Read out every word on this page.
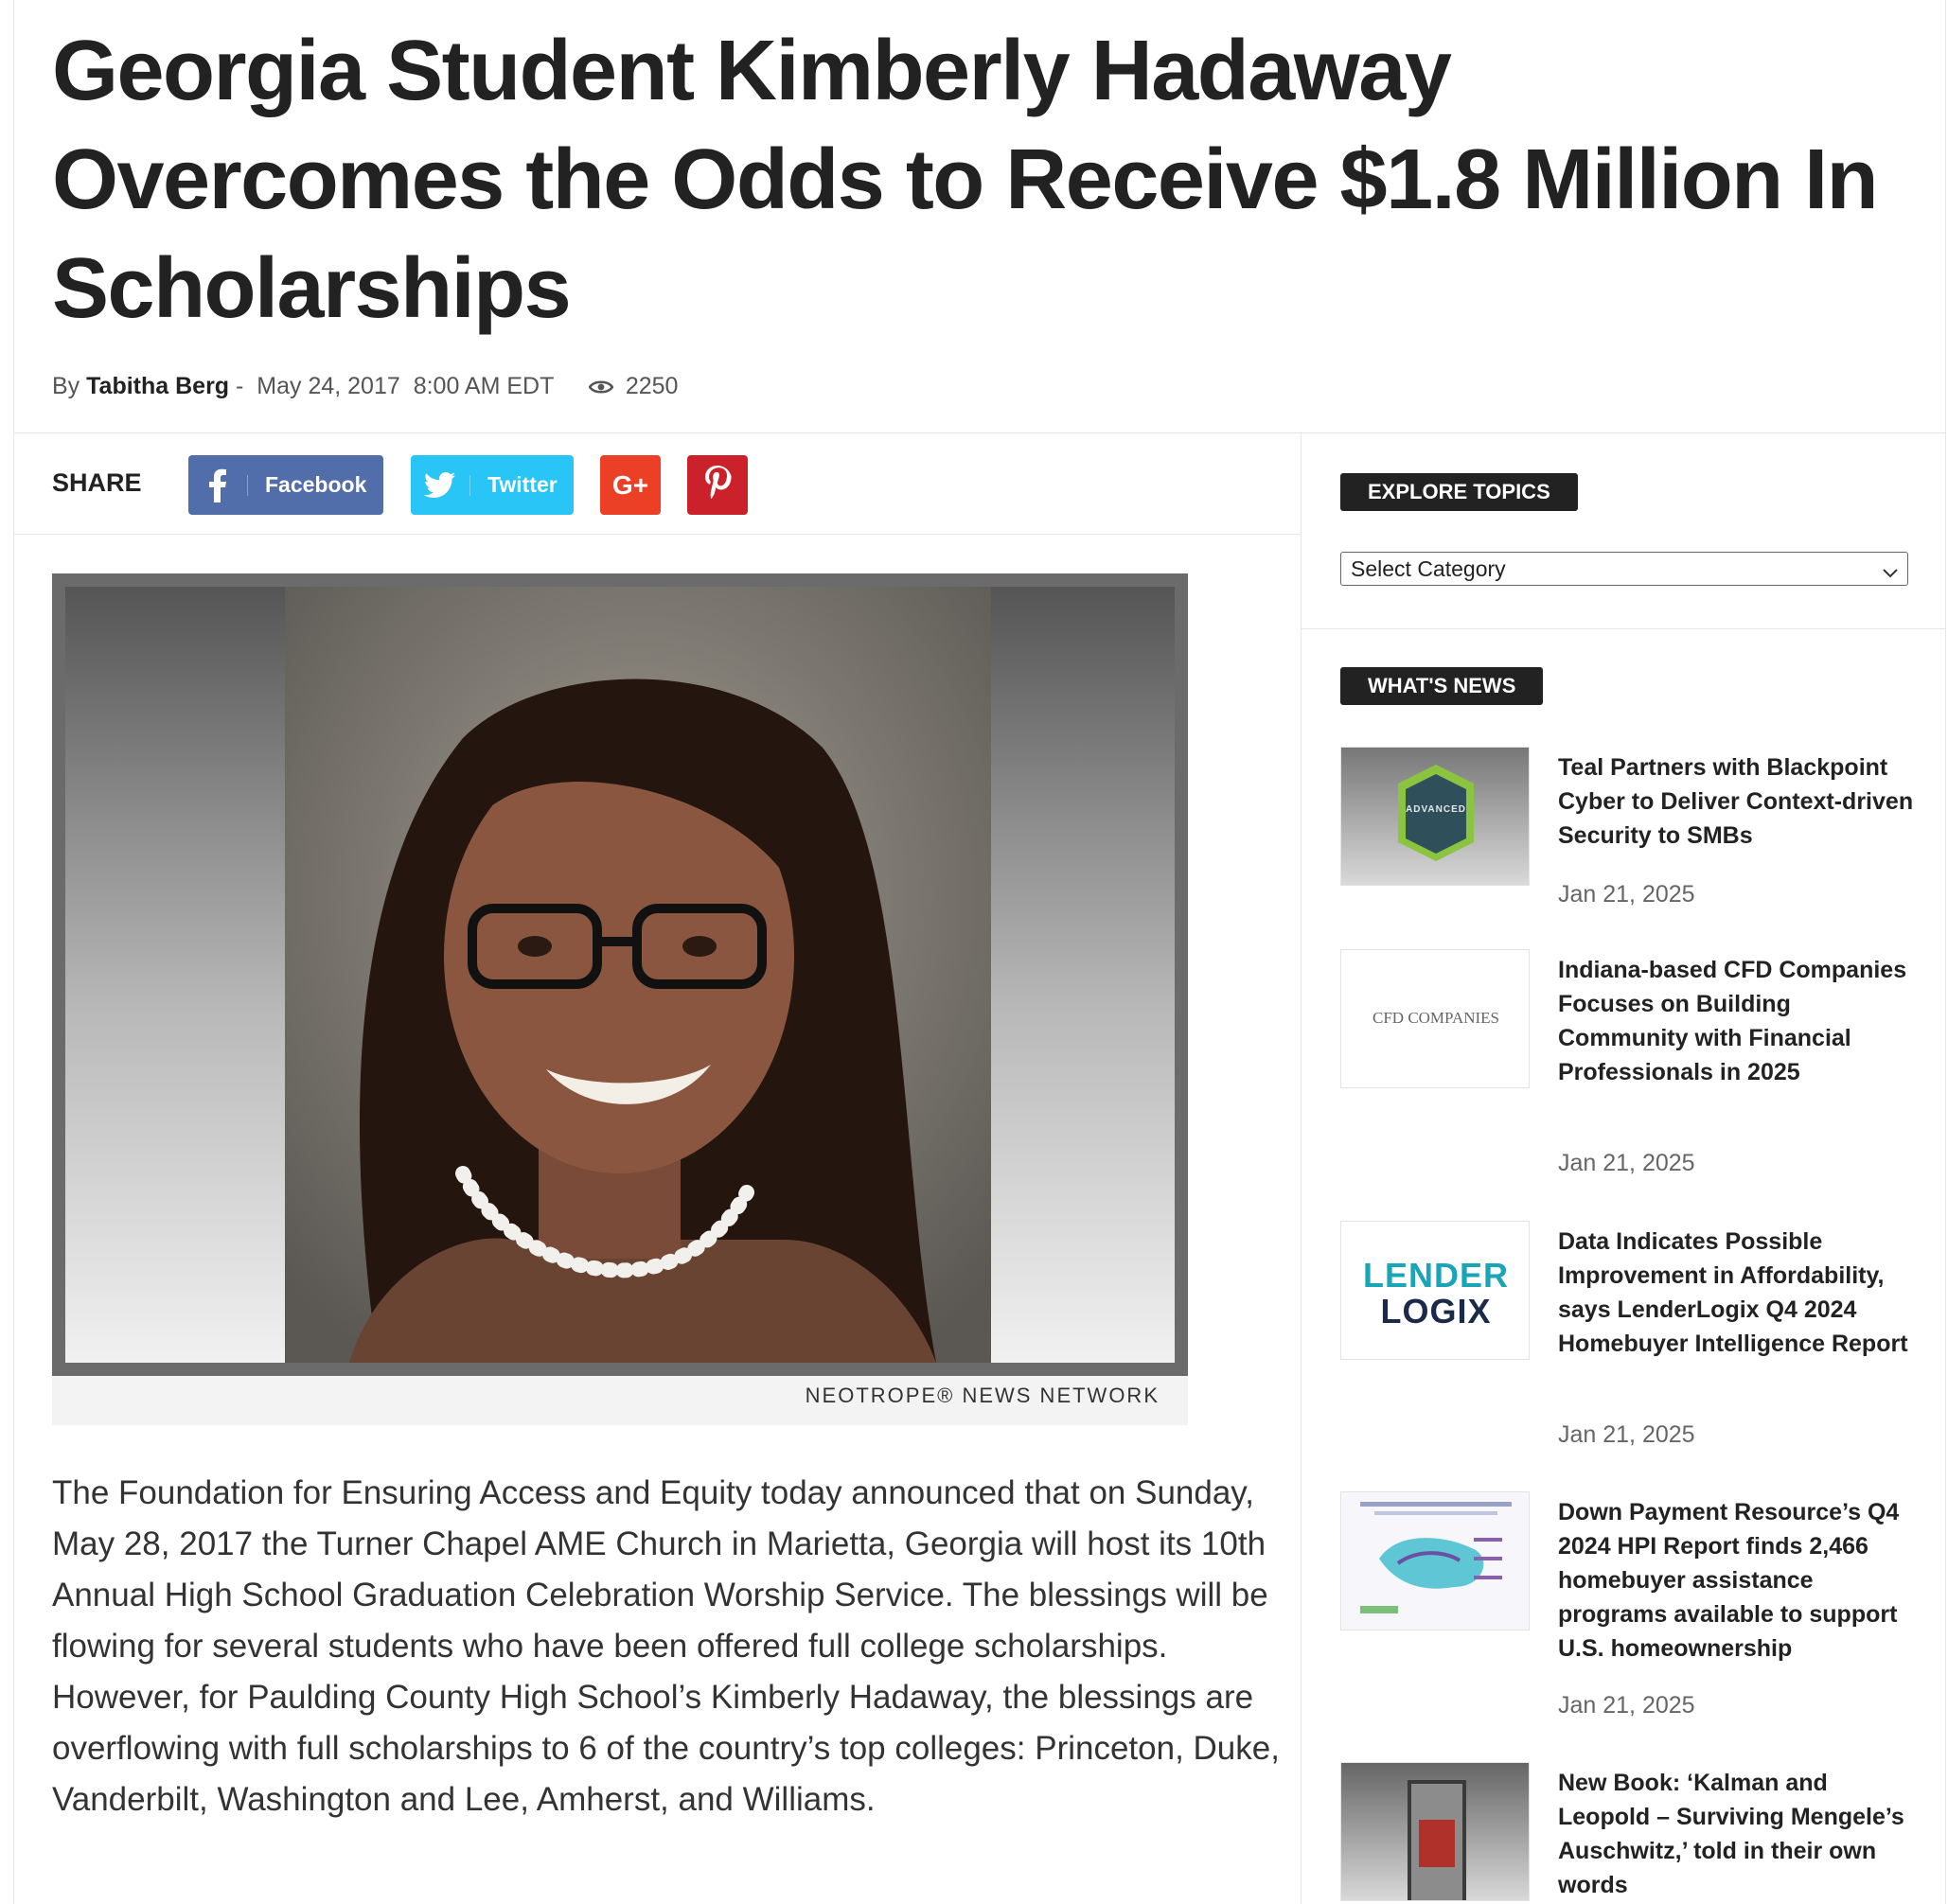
Georgia Student Kimberly Hadaway Overcomes the Odds to Receive $1.8 Million In Scholarships
By Tabitha Berg - May 24, 2017 8:00 AM EDT	2250
SHARE	Facebook	Twitter G+
NEOTROPE® NEWS NETWORK

The Foundation for Ensuring Access and Equity today announced that on Sunday, May 28, 2017 the Turner Chapel AME Church in Marietta, Georgia will host its 10th Annual High School Graduation Celebration Worship Service. The blessings will be flowing for several students who have been offered full college scholarships. However, for Paulding County High School’s Kimberly Hadaway, the blessings are overflowing with full scholarships to 6 of the country’s top colleges: Princeton, Duke, Vanderbilt, Washington and Lee, Amherst, and Williams.

EXPLORE TOPICS
Select Category
WHAT'S NEWS
ADVANCED
Teal Partners with Blackpoint Cyber to Deliver Context-driven Security to SMBs
Jan 21, 2025
CFD COMPANIES
Indiana-based CFD Companies Focuses on Building Community with Financial Professionals in 2025
Jan 21, 2025
LENDER
LOGIX
Data Indicates Possible Improvement in Affordability, says LenderLogix Q4 2024 Homebuyer Intelligence Report
Jan 21, 2025
Down Payment Resource’s Q4 2024 HPI Report finds 2,466 homebuyer assistance programs available to support U.S. homeownership
Jan 21, 2025
New Book: ‘Kalman and Leopold – Surviving Mengele’s Auschwitz,’ told in their own words
